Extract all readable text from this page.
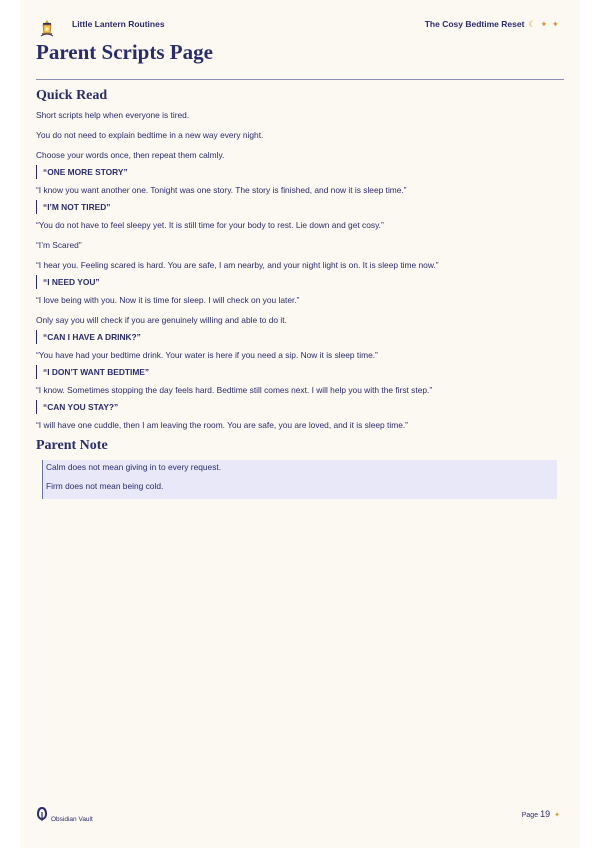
Little Lantern Routines	The Cosy Bedtime Reset ☾ ✦ ✦
Parent Scripts Page
Quick Read

Short scripts help when everyone is tired.

You do not need to explain bedtime in a new way every night.

Choose your words once, then repeat them calmly.

“ONE MORE STORY”

“I know you want another one. Tonight was one story. The story is finished, and now it is sleep time.”

“I’M NOT TIRED”

“You do not have to feel sleepy yet. It is still time for your body to rest. Lie down and get cosy.”

“I’m Scared”

“I hear you. Feeling scared is hard. You are safe, I am nearby, and your night light is on. It is sleep time now.”

“I NEED YOU”

“I love being with you. Now it is time for sleep. I will check on you later.”

Only say you will check if you are genuinely willing and able to do it.

“CAN I HAVE A DRINK?”

“You have had your bedtime drink. Your water is here if you need a sip. Now it is sleep time.”

“I DON’T WANT BEDTIME”

“I know. Sometimes stopping the day feels hard. Bedtime still comes next. I will help you with the first step.”

“CAN YOU STAY?”

“I will have one cuddle, then I am leaving the room. You are safe, you are loved, and it is sleep time.”

Parent Note

Calm does not mean giving in to every request.

Firm does not mean being cold.

Obsidian Vault
Page 19 ✦
